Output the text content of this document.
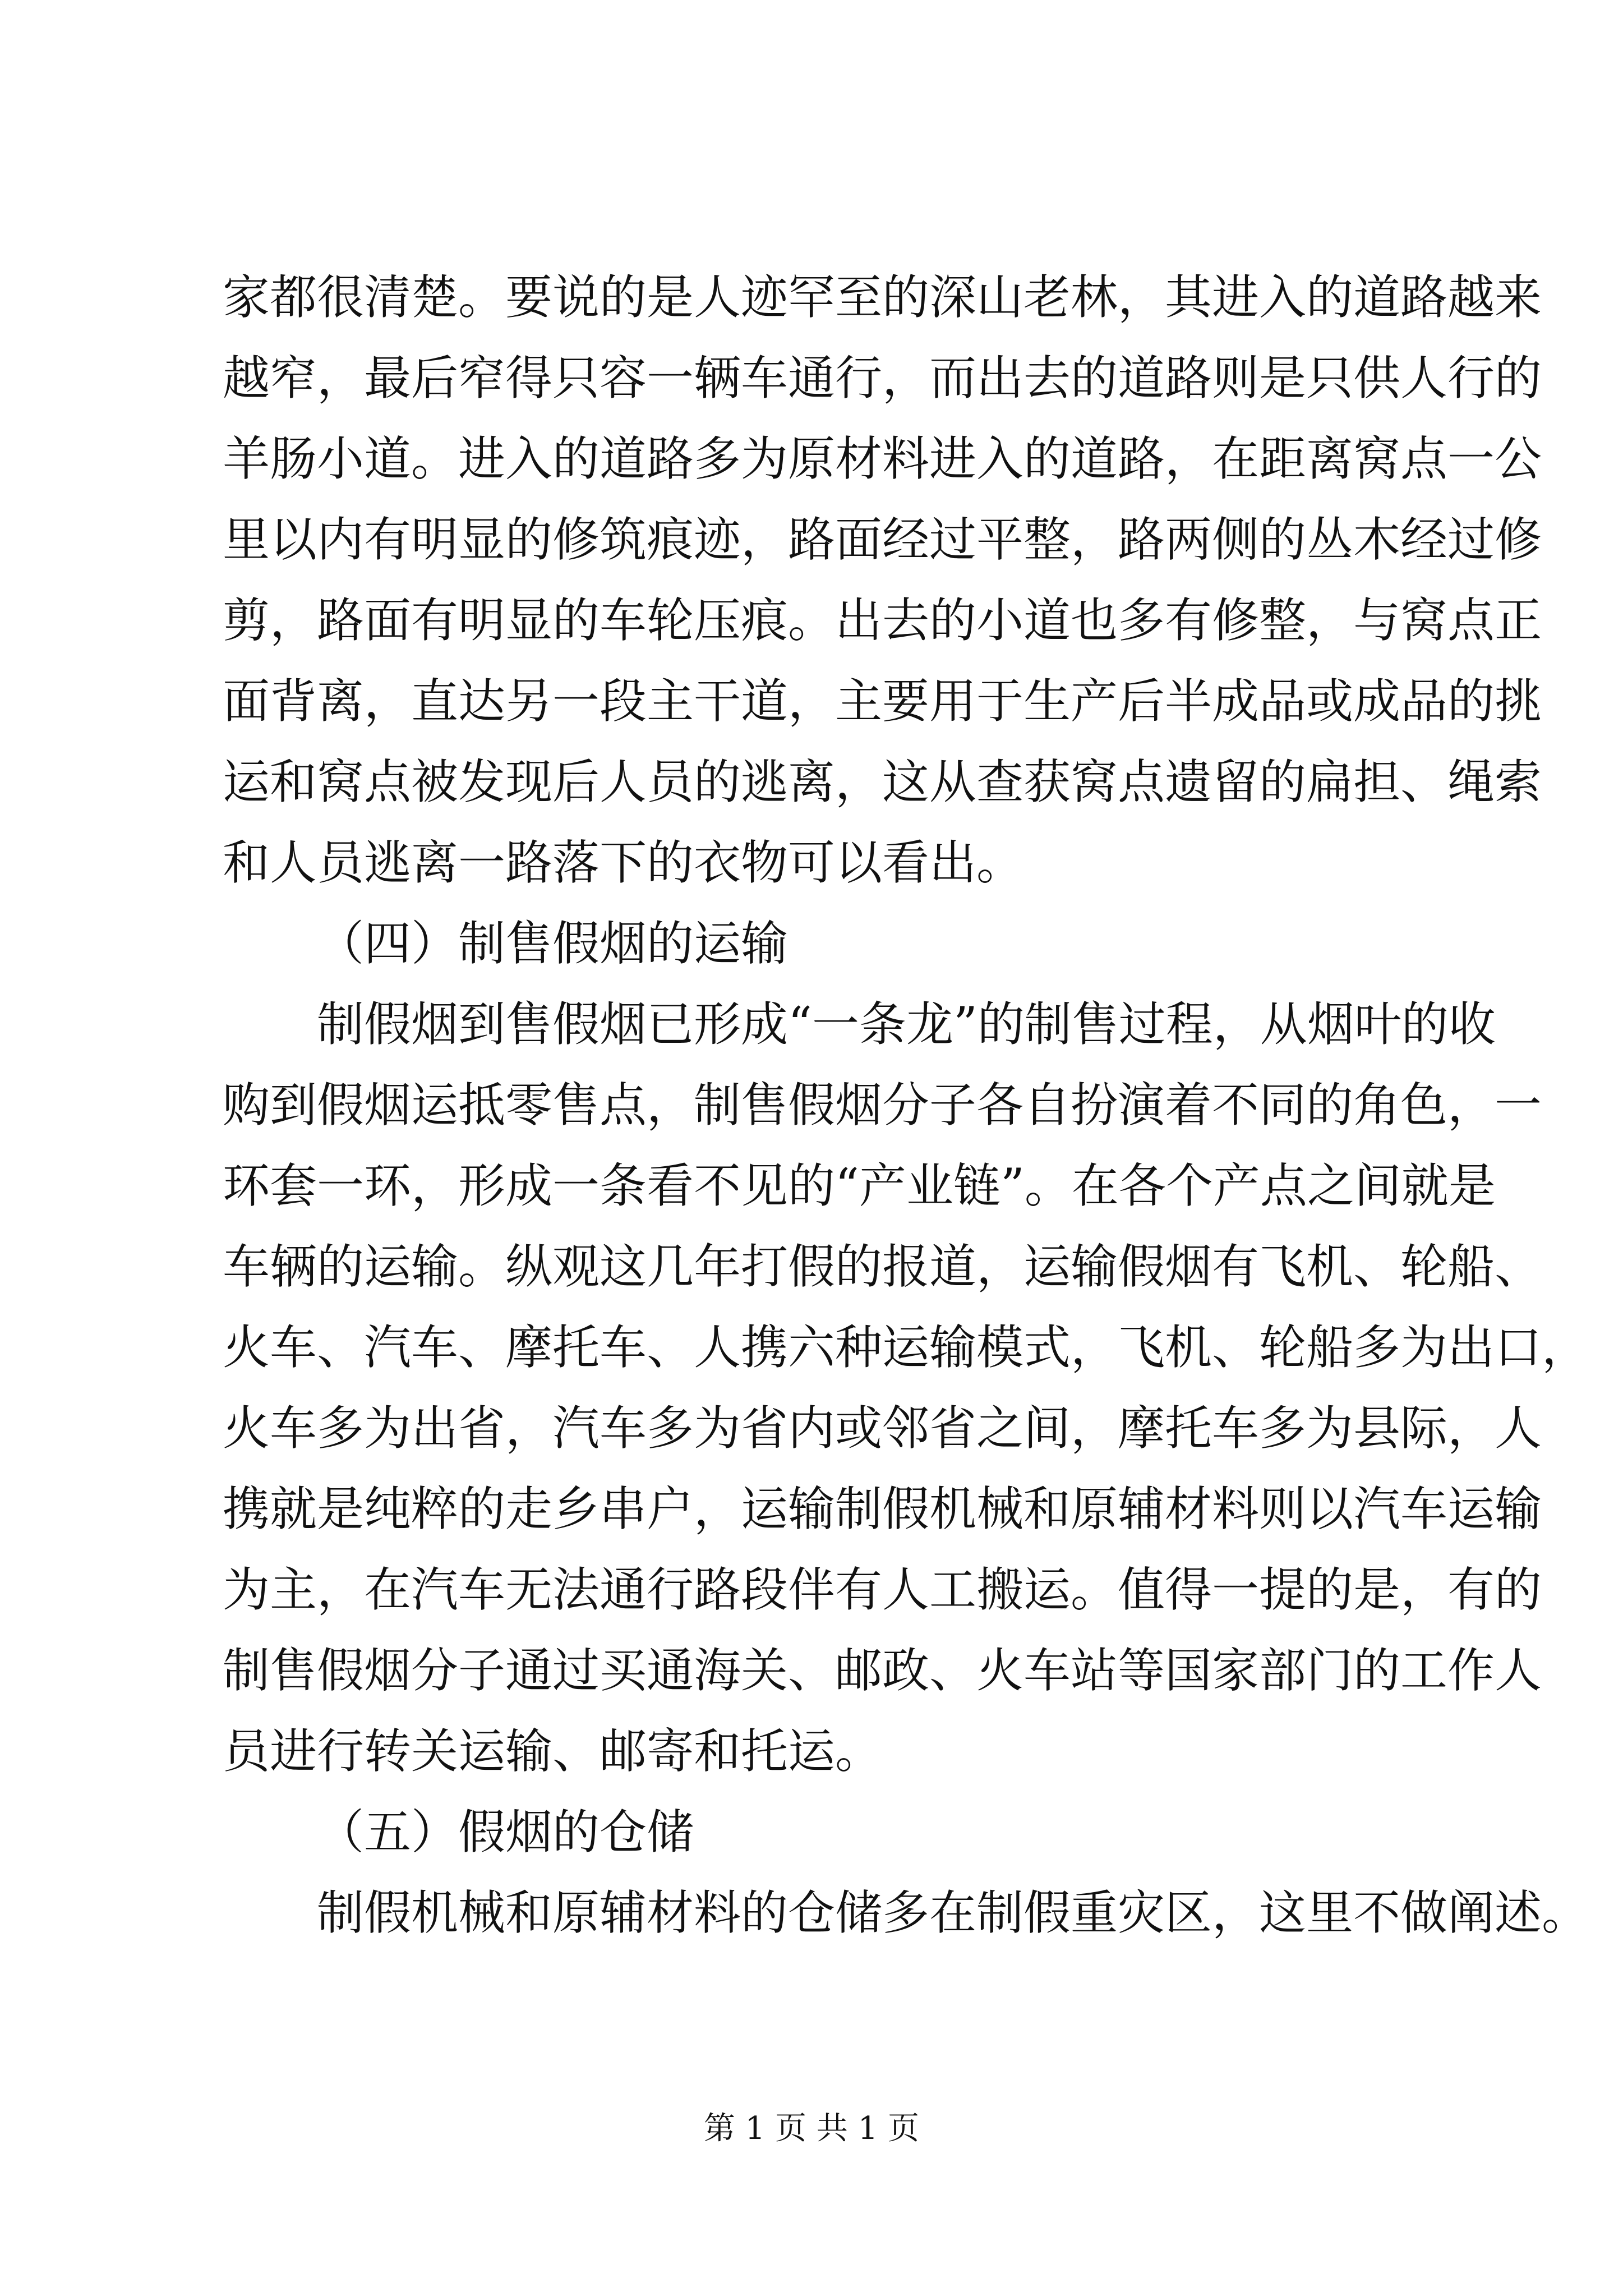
家都很清楚。要说的是人迹罕至的深山老林，其进入的道路越来
越窄，最后窄得只容一辆车通行，而出去的道路则是只供人行的
羊肠小道。进入的道路多为原材料进入的道路，在距离窝点一公
里以内有明显的修筑痕迹，路面经过平整，路两侧的丛木经过修
剪，路面有明显的车轮压痕。出去的小道也多有修整，与窝点正
面背离，直达另一段主干道，主要用于生产后半成品或成品的挑
运和窝点被发现后人员的逃离，这从查获窝点遗留的扁担、绳索
和人员逃离一路落下的衣物可以看出。
（四）制售假烟的运输
制假烟到售假烟已形成“一条龙”的制售过程，从烟叶的收
购到假烟运抵零售点，制售假烟分子各自扮演着不同的角色，一
环套一环，形成一条看不见的“产业链”。在各个产点之间就是
车辆的运输。纵观这几年打假的报道，运输假烟有飞机、轮船、
火车、汽车、摩托车、人携六种运输模式，飞机、轮船多为出口，
火车多为出省，汽车多为省内或邻省之间，摩托车多为县际，人
携就是纯粹的走乡串户，运输制假机械和原辅材料则以汽车运输
为主，在汽车无法通行路段伴有人工搬运。值得一提的是，有的
制售假烟分子通过买通海关、邮政、火车站等国家部门的工作人
员进行转关运输、邮寄和托运。
（五）假烟的仓储
制假机械和原辅材料的仓储多在制假重灾区，这里不做阐述。
第 1 页 共 1 页
